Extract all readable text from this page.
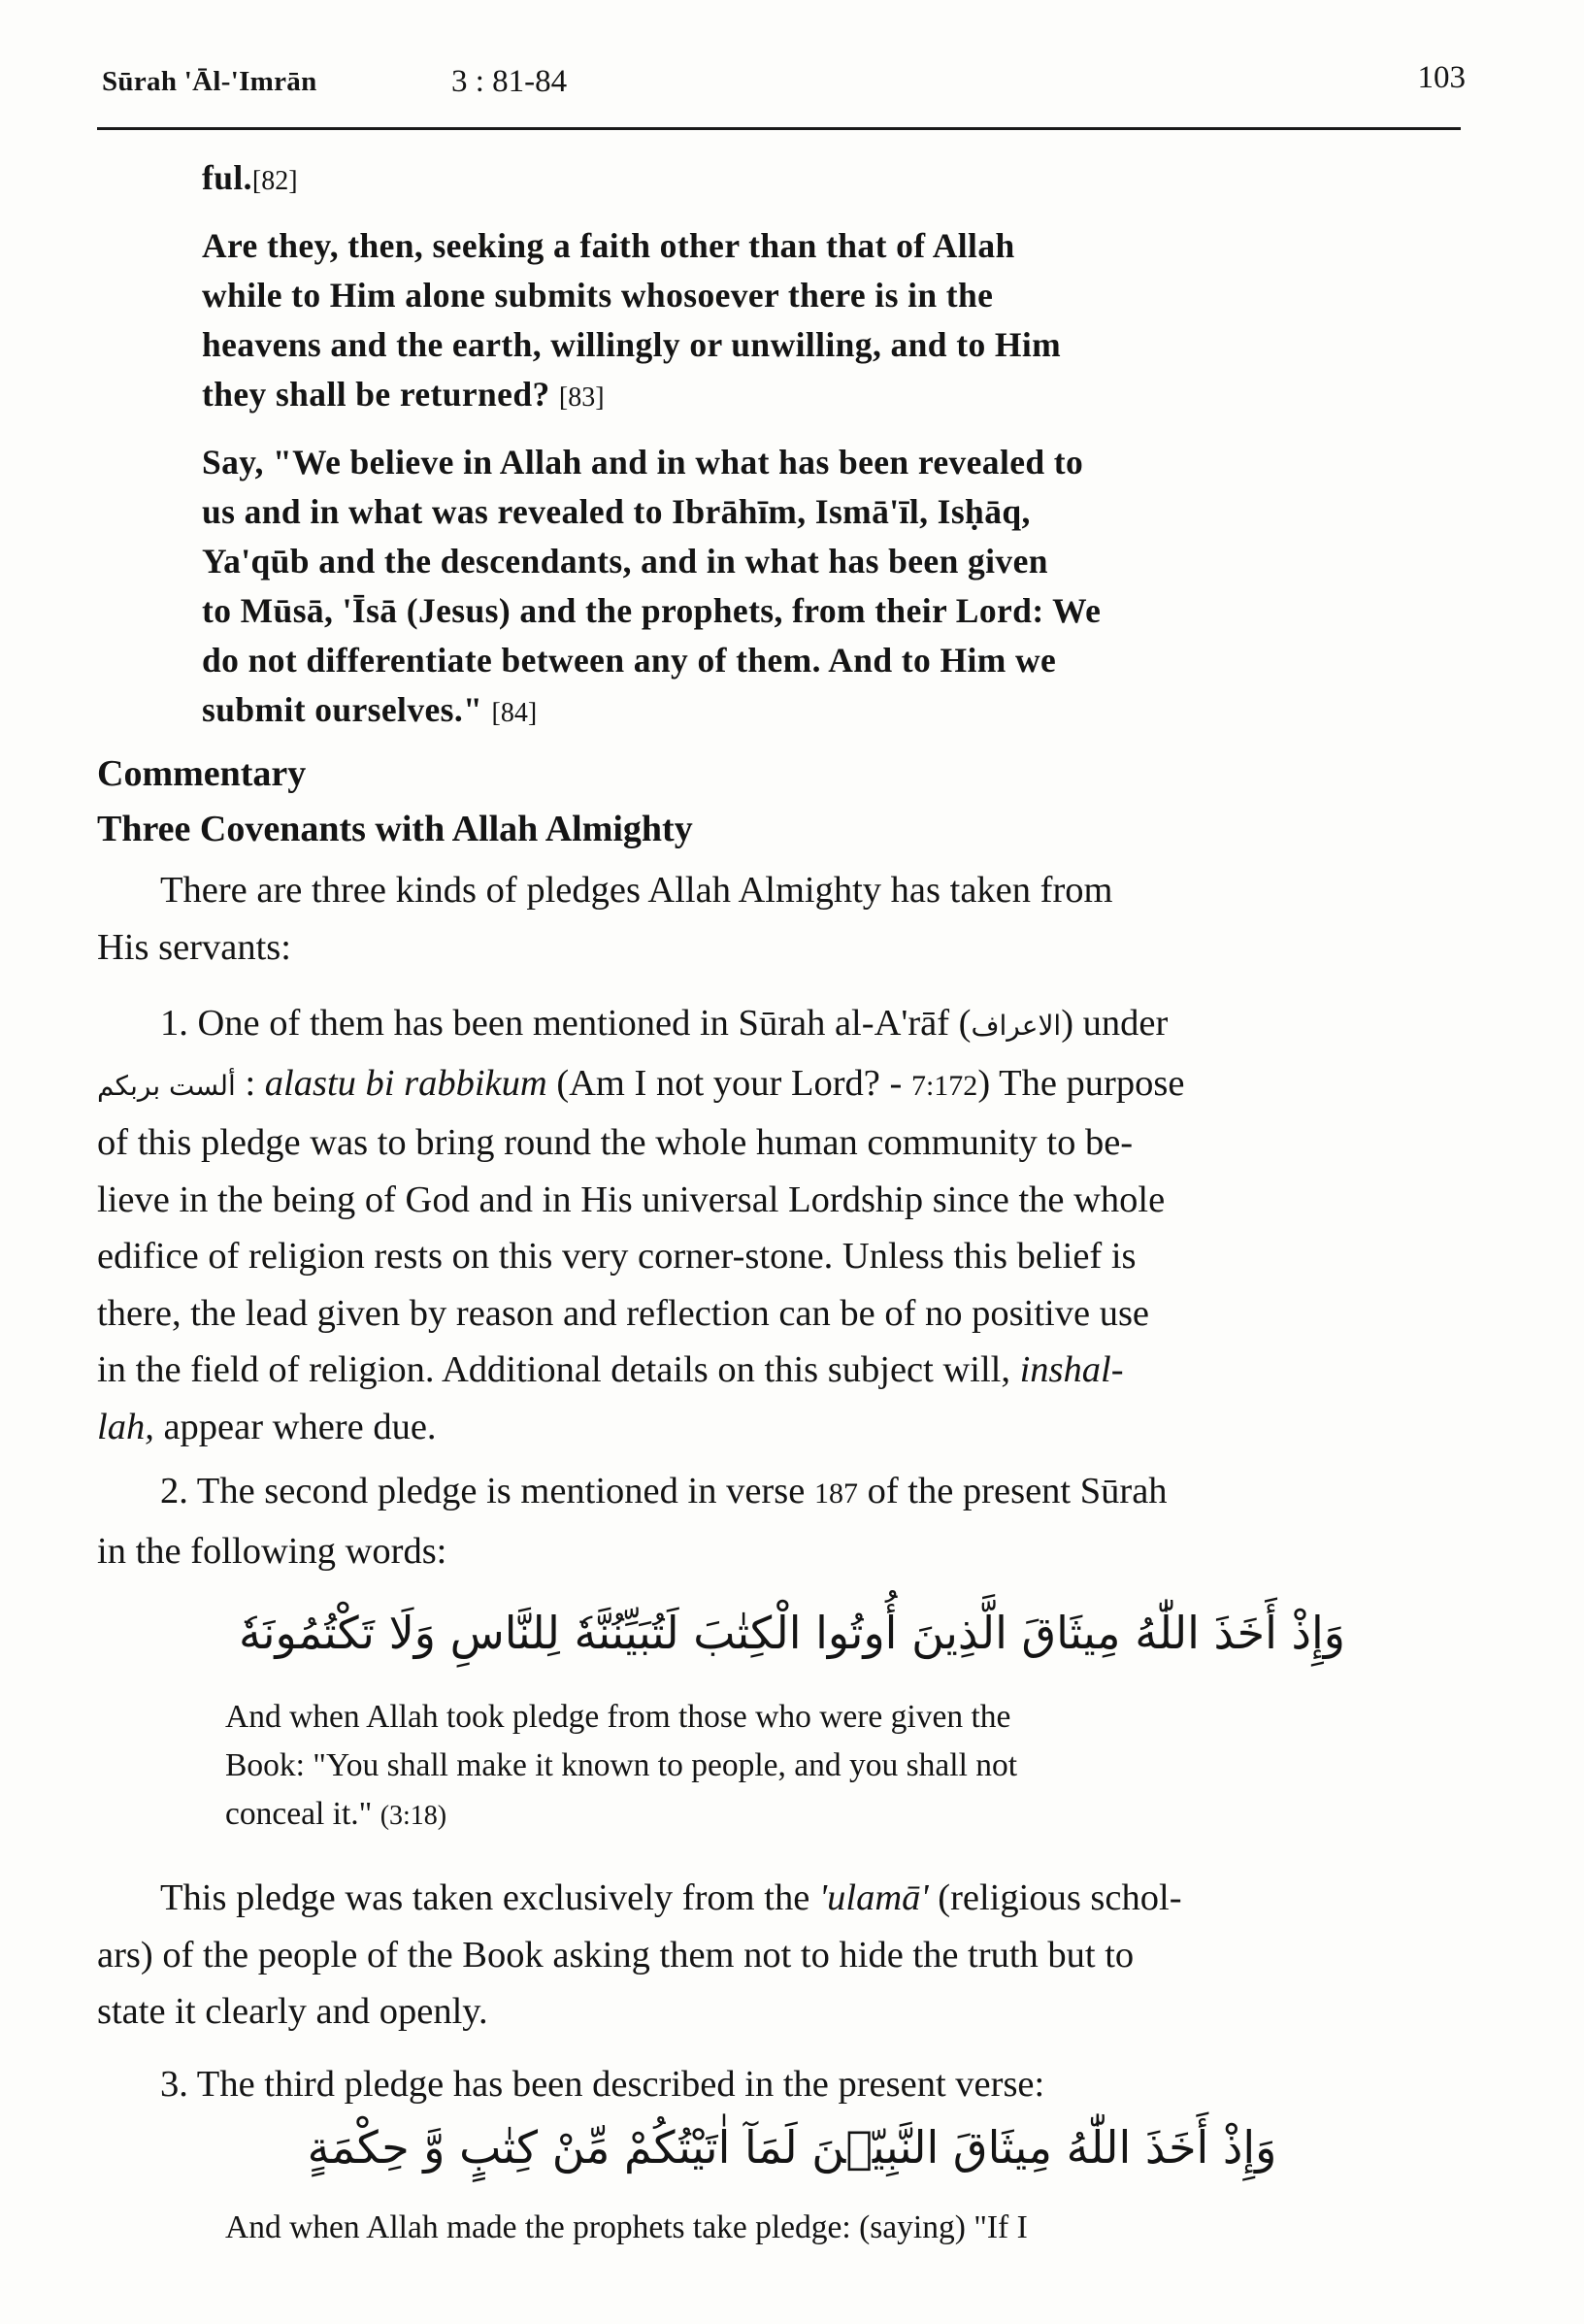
Sūrah 'Āl-'Imrān	3 : 81-84	103
ful.[82]
Are they, then, seeking a faith other than that of Allah
while to Him alone submits whosoever there is in the
heavens and the earth, willingly or unwilling, and to Him
they shall be returned? [83]
Say, "We believe in Allah and in what has been revealed to
us and in what was revealed to Ibrāhīm, Ismā'īl, Isḥāq,
Ya'qūb and the descendants, and in what has been given
to Mūsā, 'Īsā (Jesus) and the prophets, from their Lord: We
do not differentiate between any of them. And to Him we
submit ourselves." [84]
Commentary
Three Covenants with Allah Almighty
There are three kinds of pledges Allah Almighty has taken from
His servants:
1. One of them has been mentioned in Sūrah al-A'rāf (الاعراف) under
ألست بربكم : alastu bi rabbikum (Am I not your Lord? - 7:172) The purpose
of this pledge was to bring round the whole human community to be-
lieve in the being of God and in His universal Lordship since the whole
edifice of religion rests on this very corner-stone. Unless this belief is
there, the lead given by reason and reflection can be of no positive use
in the field of religion. Additional details on this subject will, inshal-
lah, appear where due.
2. The second pledge is mentioned in verse 187 of the present Sūrah
in the following words:
وَإِذْ أَخَذَ اللّٰهُ مِيثَاقَ الَّذِينَ أُوتُوا الْكِتٰبَ لَتُبَيِّنُنَّهٗ لِلنَّاسِ وَلَا تَكْتُمُونَهٗ
And when Allah took pledge from those who were given the
Book: "You shall make it known to people, and you shall not
conceal it." (3:18)
This pledge was taken exclusively from the 'ulamā' (religious schol-
ars) of the people of the Book asking them not to hide the truth but to
state it clearly and openly.
3. The third pledge has been described in the present verse:
وَإِذْ أَخَذَ اللّٰهُ مِيثَاقَ النَّبِيّٖنَ لَمَآ اٰتَيْتُكُمْ مِّنْ كِتٰبٍ وَّ حِكْمَةٍ
And when Allah made the prophets take pledge: (saying) "If I
